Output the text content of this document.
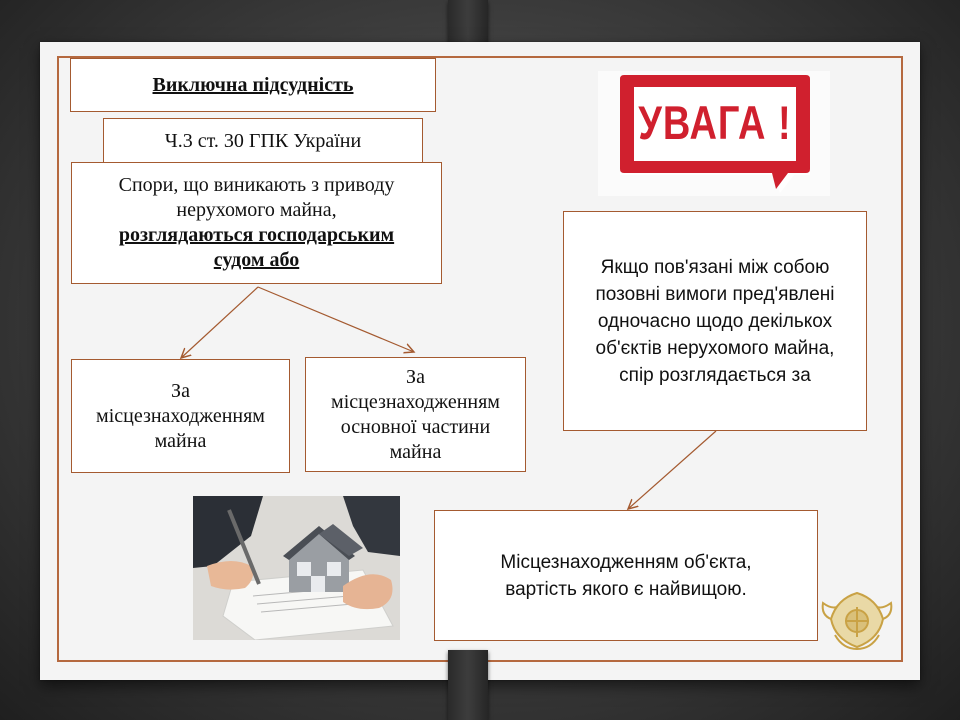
Виключна підсудність
Ч.3 ст. 30 ГПК України
Спори, що виникають з приводу
нерухомого майна,
розглядаються господарським
судом або
За
місцезнаходженням
майна
За
місцезнаходженням
основної частини
майна
УВАГА !
Якщо пов'язані між собою
позовні вимоги пред'явлені
одночасно щодо декількох
об'єктів нерухомого майна,
спір розглядається за
Місцезнаходженням об'єкта,
вартість якого є найвищою.
